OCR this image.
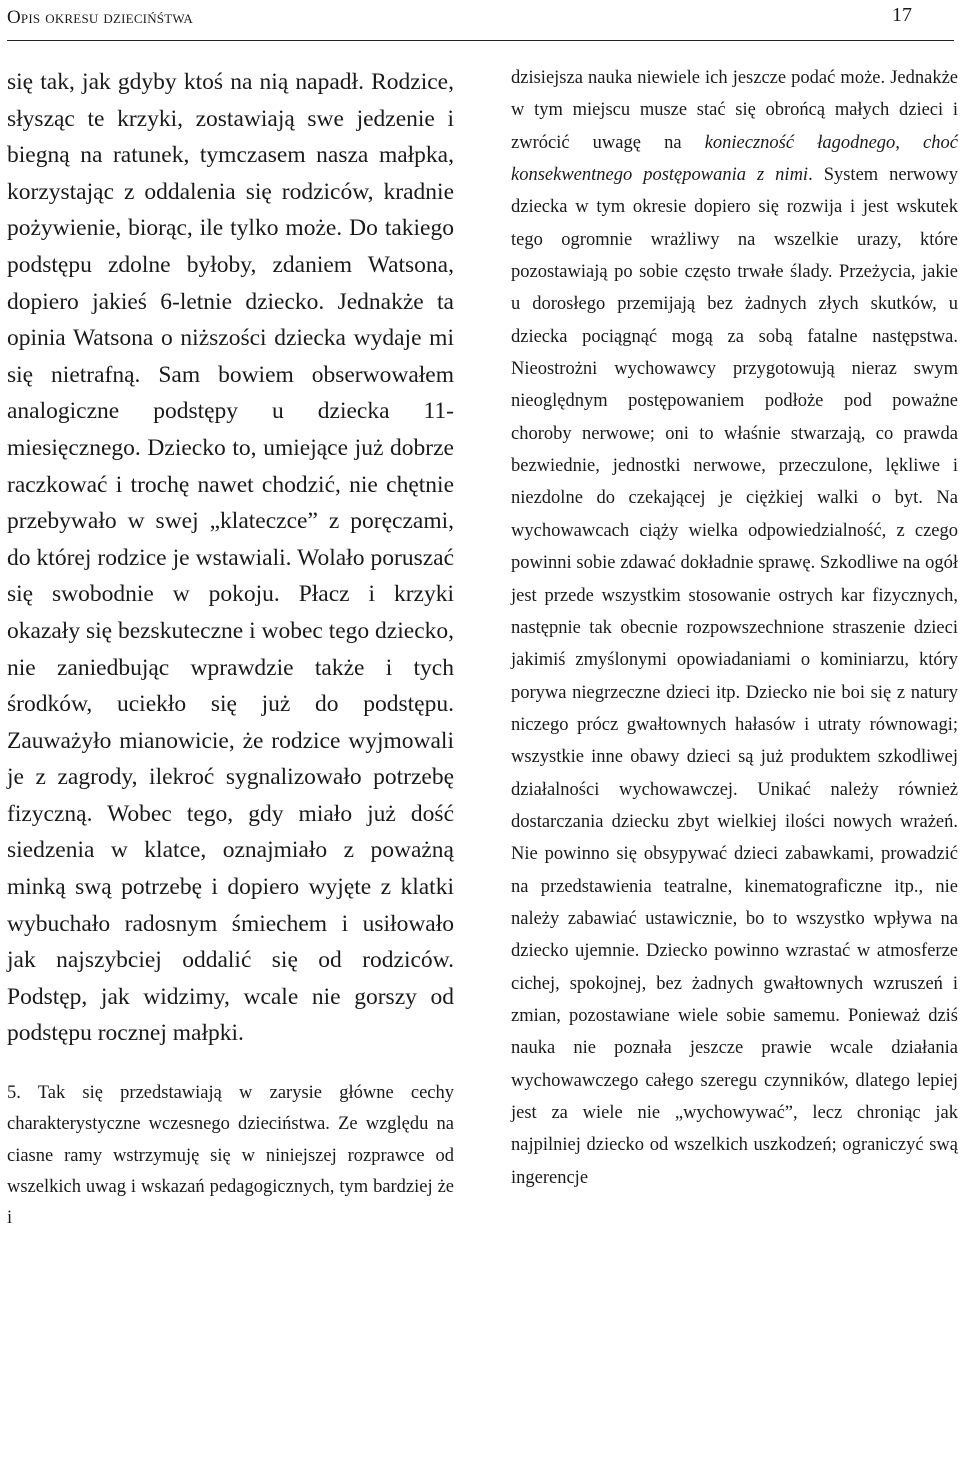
Opis okresu dziecińśtwa	17

się tak, jak gdyby ktoś na nią napadł. Rodzice, słysząc te krzyki, zostawiają swe jedzenie i biegną na ratunek, tymczasem nasza małpka, korzystając z oddalenia się rodziców, kradnie pożywienie, biorąc, ile tylko może. Do takiego podstępu zdolne byłoby, zdaniem Watsona, dopiero jakieś 6-letnie dziecko. Jednakże ta opinia Watsona o niższości dziecka wydaje mi się nietrafną. Sam bowiem obserwowałem analogiczne podstępy u dziecka 11-miesięcznego. Dziecko to, umiejące już dobrze raczkować i trochę nawet chodzić, nie chętnie przebywało w swej „klateczce” z poręczami, do której rodzice je wstawiali. Wolało poruszać się swobodnie w pokoju. Płacz i krzyki okazały się bezskuteczne i wobec tego dziecko, nie zaniedbując wprawdzie także i tych środków, uciekło się już do podstępu. Zauważyło mianowicie, że rodzice wyjmowali je z zagrody, ilekroć sygnalizowało potrzebę fizyczną. Wobec tego, gdy miało już dość siedzenia w klatce, oznajmiało z poważną minką swą potrzebę i dopiero wyjęte z klatki wybuchało radosnym śmiechem i usiłowało jak najszybciej oddalić się od rodziców. Podstęp, jak widzimy, wcale nie gorszy od podstępu rocznej małpki.

5. Tak się przedstawiają w zarysie główne cechy charakterystyczne wczesnego dzieciństwa. Ze względu na ciasne ramy wstrzymuję się w niniejszej rozprawce od wszelkich uwag i wskazań pedagogicznych, tym bardziej że i

dzisiejsza nauka niewiele ich jeszcze podać może. Jednakże w tym miejscu musze stać się obrońcą małych dzieci i zwrócić uwagę na konieczność łagodnego, choć konsekwentnego postępowania z nimi. System nerwowy dziecka w tym okresie dopiero się rozwija i jest wskutek tego ogromnie wrażliwy na wszelkie urazy, które pozostawiają po sobie często trwałe ślady. Przeżycia, jakie u dorosłego przemijają bez żadnych złych skutków, u dziecka pociągnąć mogą za sobą fatalne następstwa. Nieostrożni wychowawcy przygotowują nieraz swym nieoględnym postępowaniem podłoże pod poważne choroby nerwowe; oni to właśnie stwarzają, co prawda bezwiednie, jednostki nerwowe, przeczulone, lękliwe i niezdolne do czekającej je ciężkiej walki o byt. Na wychowawcach ciąży wielka odpowiedzialność, z czego powinni sobie zdawać dokładnie sprawę. Szkodliwe na ogół jest przede wszystkim stosowanie ostrych kar fizycznych, następnie tak obecnie rozpowszechnione straszenie dzieci jakimiś zmyślonymi opowiadaniami o kominiarzu, który porywa niegrzeczne dzieci itp. Dziecko nie boi się z natury niczego prócz gwałtownych hałasów i utraty równowagi; wszystkie inne obawy dzieci są już produktem szkodliwej działalności wychowawczej. Unikać należy również dostarczania dziecku zbyt wielkiej ilości nowych wrażeń. Nie powinno się obsypywać dzieci zabawkami, prowadzić na przedstawienia teatralne, kinematograficzne itp., nie należy zabawiać ustawicznie, bo to wszystko wpływa na dziecko ujemnie. Dziecko powinno wzrastać w atmosferze cichej, spokojnej, bez żadnych gwałtownych wzruszeń i zmian, pozostawiane wiele sobie samemu. Ponieważ dziś nauka nie poznała jeszcze prawie wcale działania wychowawczego całego szeregu czynników, dlatego lepiej jest za wiele nie „wychowywać”, lecz chroniąc jak najpilniej dziecko od wszelkich uszkodzeń; ograniczyć swą ingerencje
